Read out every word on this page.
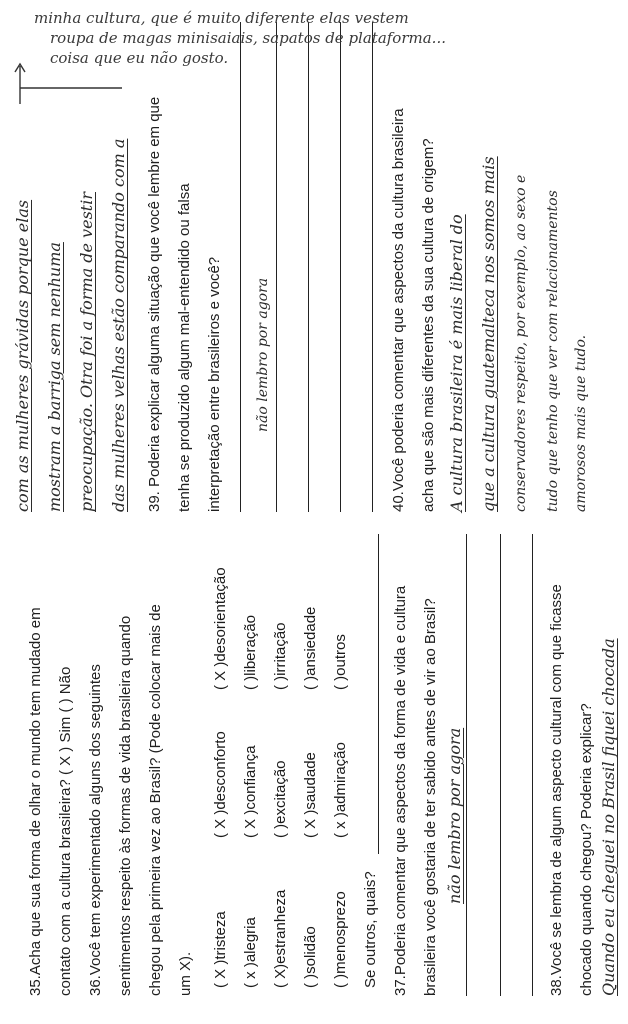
35.Acha que sua forma de olhar o mundo tem mudado em contato com a cultura brasileira? ( X ) Sim ( ) Não 36.Você tem experimentado alguns dos seguintes sentimentos respeito às formas de vida brasileira quando chegou pela primeira vez ao Brasil? (Pode colocar mais de um X). ( X )tristeza
( X )desconforto
( X )desorientação
( x )alegria
( X )confiança
( )liberação
( X)estranheza
( )excitação
( )irritação
( )solidão
( X )saudade
( )ansiedade
( )menosprezo
( x )admiração
( )outros
Se outros, quais? 37.Poderia comentar que aspectos da forma de vida e cultura brasileira você gostaria de ter sabido antes de vir ao Brasil? não lembro por agora	38.Você se lembra de algum aspecto cultural com que ficasse chocado quando chegou? Poderia explicar? Quando eu cheguei no Brasil fiquei chocada
com as mulheres grávidas porque elas mostram a barriga sem nenhuma preocupação. Otra foi a forma de vestir das mulheres velhas estão comparando com a 39. Poderia explicar alguma situação que você lembre em que tenha se produzido algum mal-entendido ou falsa interpretação entre brasileiros e você? não lembro por agora	40.Você poderia comentar que aspectos da cultura brasileira acha que são mais diferentes da sua cultura de origem? A cultura brasileira é mais liberal do que a cultura guatemalteca nos somos mais conservadores respeito, por exemplo, ao sexo e tudo que tenho que ver com relacionamentos amorosos mais que tudo.
minha cultura, que é muito diferente elas vestem
roupa de magas minisaiais, sapatos de plataforma...
coisa que eu não gosto.
